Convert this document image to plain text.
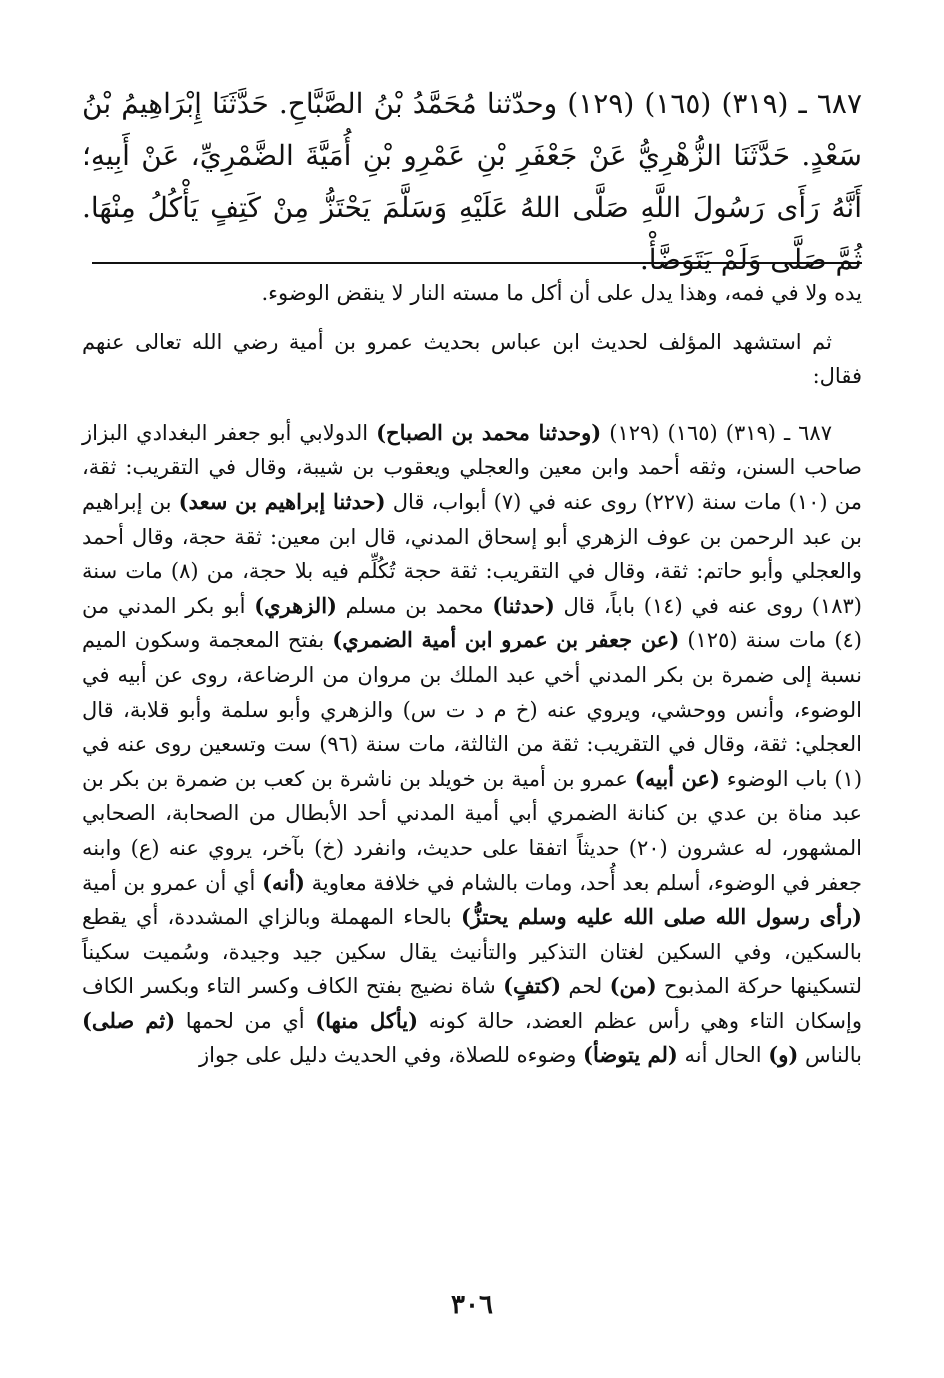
٦٨٧ ـ (٣١٩) (١٦٥) (١٢٩) وحدّثنا مُحَمَّدُ بْنُ الصَّبَّاحِ. حَدَّثَنَا إِبْرَاهِيمُ بْنُ سَعْدٍ. حَدَّثَنَا الزُّهْرِيُّ عَنْ جَعْفَرِ بْنِ عَمْرِو بْنِ أُمَيَّةَ الضَّمْرِيِّ، عَنْ أَبِيهِ؛ أَنَّهُ رَأَى رَسُولَ اللَّهِ صَلَّى اللهُ عَلَيْهِ وَسَلَّمَ يَحْتَزُّ مِنْ كَتِفٍ يَأْكُلُ مِنْهَا. ثُمَّ صَلَّى وَلَمْ يَتَوَضَّأْ.

يده ولا في فمه، وهذا يدل على أن أكل ما مسته النار لا ينقض الوضوء.

ثم استشهد المؤلف لحديث ابن عباس بحديث عمرو بن أمية رضي الله تعالى عنهم فقال:

٦٨٧ ـ (٣١٩) (١٦٥) (١٢٩) (وحدثنا محمد بن الصباح) الدولابي أبو جعفر البغدادي البزاز صاحب السنن، وثقه أحمد وابن معين والعجلي ويعقوب بن شيبة، وقال في التقريب: ثقة، من (١٠) مات سنة (٢٢٧) روى عنه في (٧) أبواب، قال (حدثنا إبراهيم بن سعد) بن إبراهيم بن عبد الرحمن بن عوف الزهري أبو إسحاق المدني، قال ابن معين: ثقة حجة، وقال أحمد والعجلي وأبو حاتم: ثقة، وقال في التقريب: ثقة حجة تُكُلِّم فيه بلا حجة، من (٨) مات سنة (١٨٣) روى عنه في (١٤) باباً، قال (حدثنا) محمد بن مسلم (الزهري) أبو بكر المدني من (٤) مات سنة (١٢٥) (عن جعفر بن عمرو ابن أمية الضمري) بفتح المعجمة وسكون الميم نسبة إلى ضمرة بن بكر المدني أخي عبد الملك بن مروان من الرضاعة، روى عن أبيه في الوضوء، وأنس ووحشي، ويروي عنه (خ م د ت س) والزهري وأبو سلمة وأبو قلابة، قال العجلي: ثقة، وقال في التقريب: ثقة من الثالثة، مات سنة (٩٦) ست وتسعين روى عنه في (١) باب الوضوء (عن أبيه) عمرو بن أمية بن خويلد بن ناشرة بن كعب بن ضمرة بن بكر بن عبد مناة بن عدي بن كنانة الضمري أبي أمية المدني أحد الأبطال من الصحابة، الصحابي المشهور، له عشرون (٢٠) حديثاً اتفقا على حديث، وانفرد (خ) بآخر، يروي عنه (ع) وابنه جعفر في الوضوء، أسلم بعد أُحد، ومات بالشام في خلافة معاوية (أنه) أي أن عمرو بن أمية (رأى رسول الله صلى الله عليه وسلم يحتزُّ) بالحاء المهملة وبالزاي المشددة، أي يقطع بالسكين، وفي السكين لغتان التذكير والتأنيث يقال سكين جيد وجيدة، وسُميت سكيناً لتسكينها حركة المذبوح (من) لحم (كتفٍ) شاة نضيج بفتح الكاف وكسر التاء وبكسر الكاف وإسكان التاء وهي رأس عظم العضد، حالة كونه (يأكل منها) أي من لحمها (ثم صلى) بالناس (و) الحال أنه (لم يتوضأ) وضوءه للصلاة، وفي الحديث دليل على جواز

٣٠٦
